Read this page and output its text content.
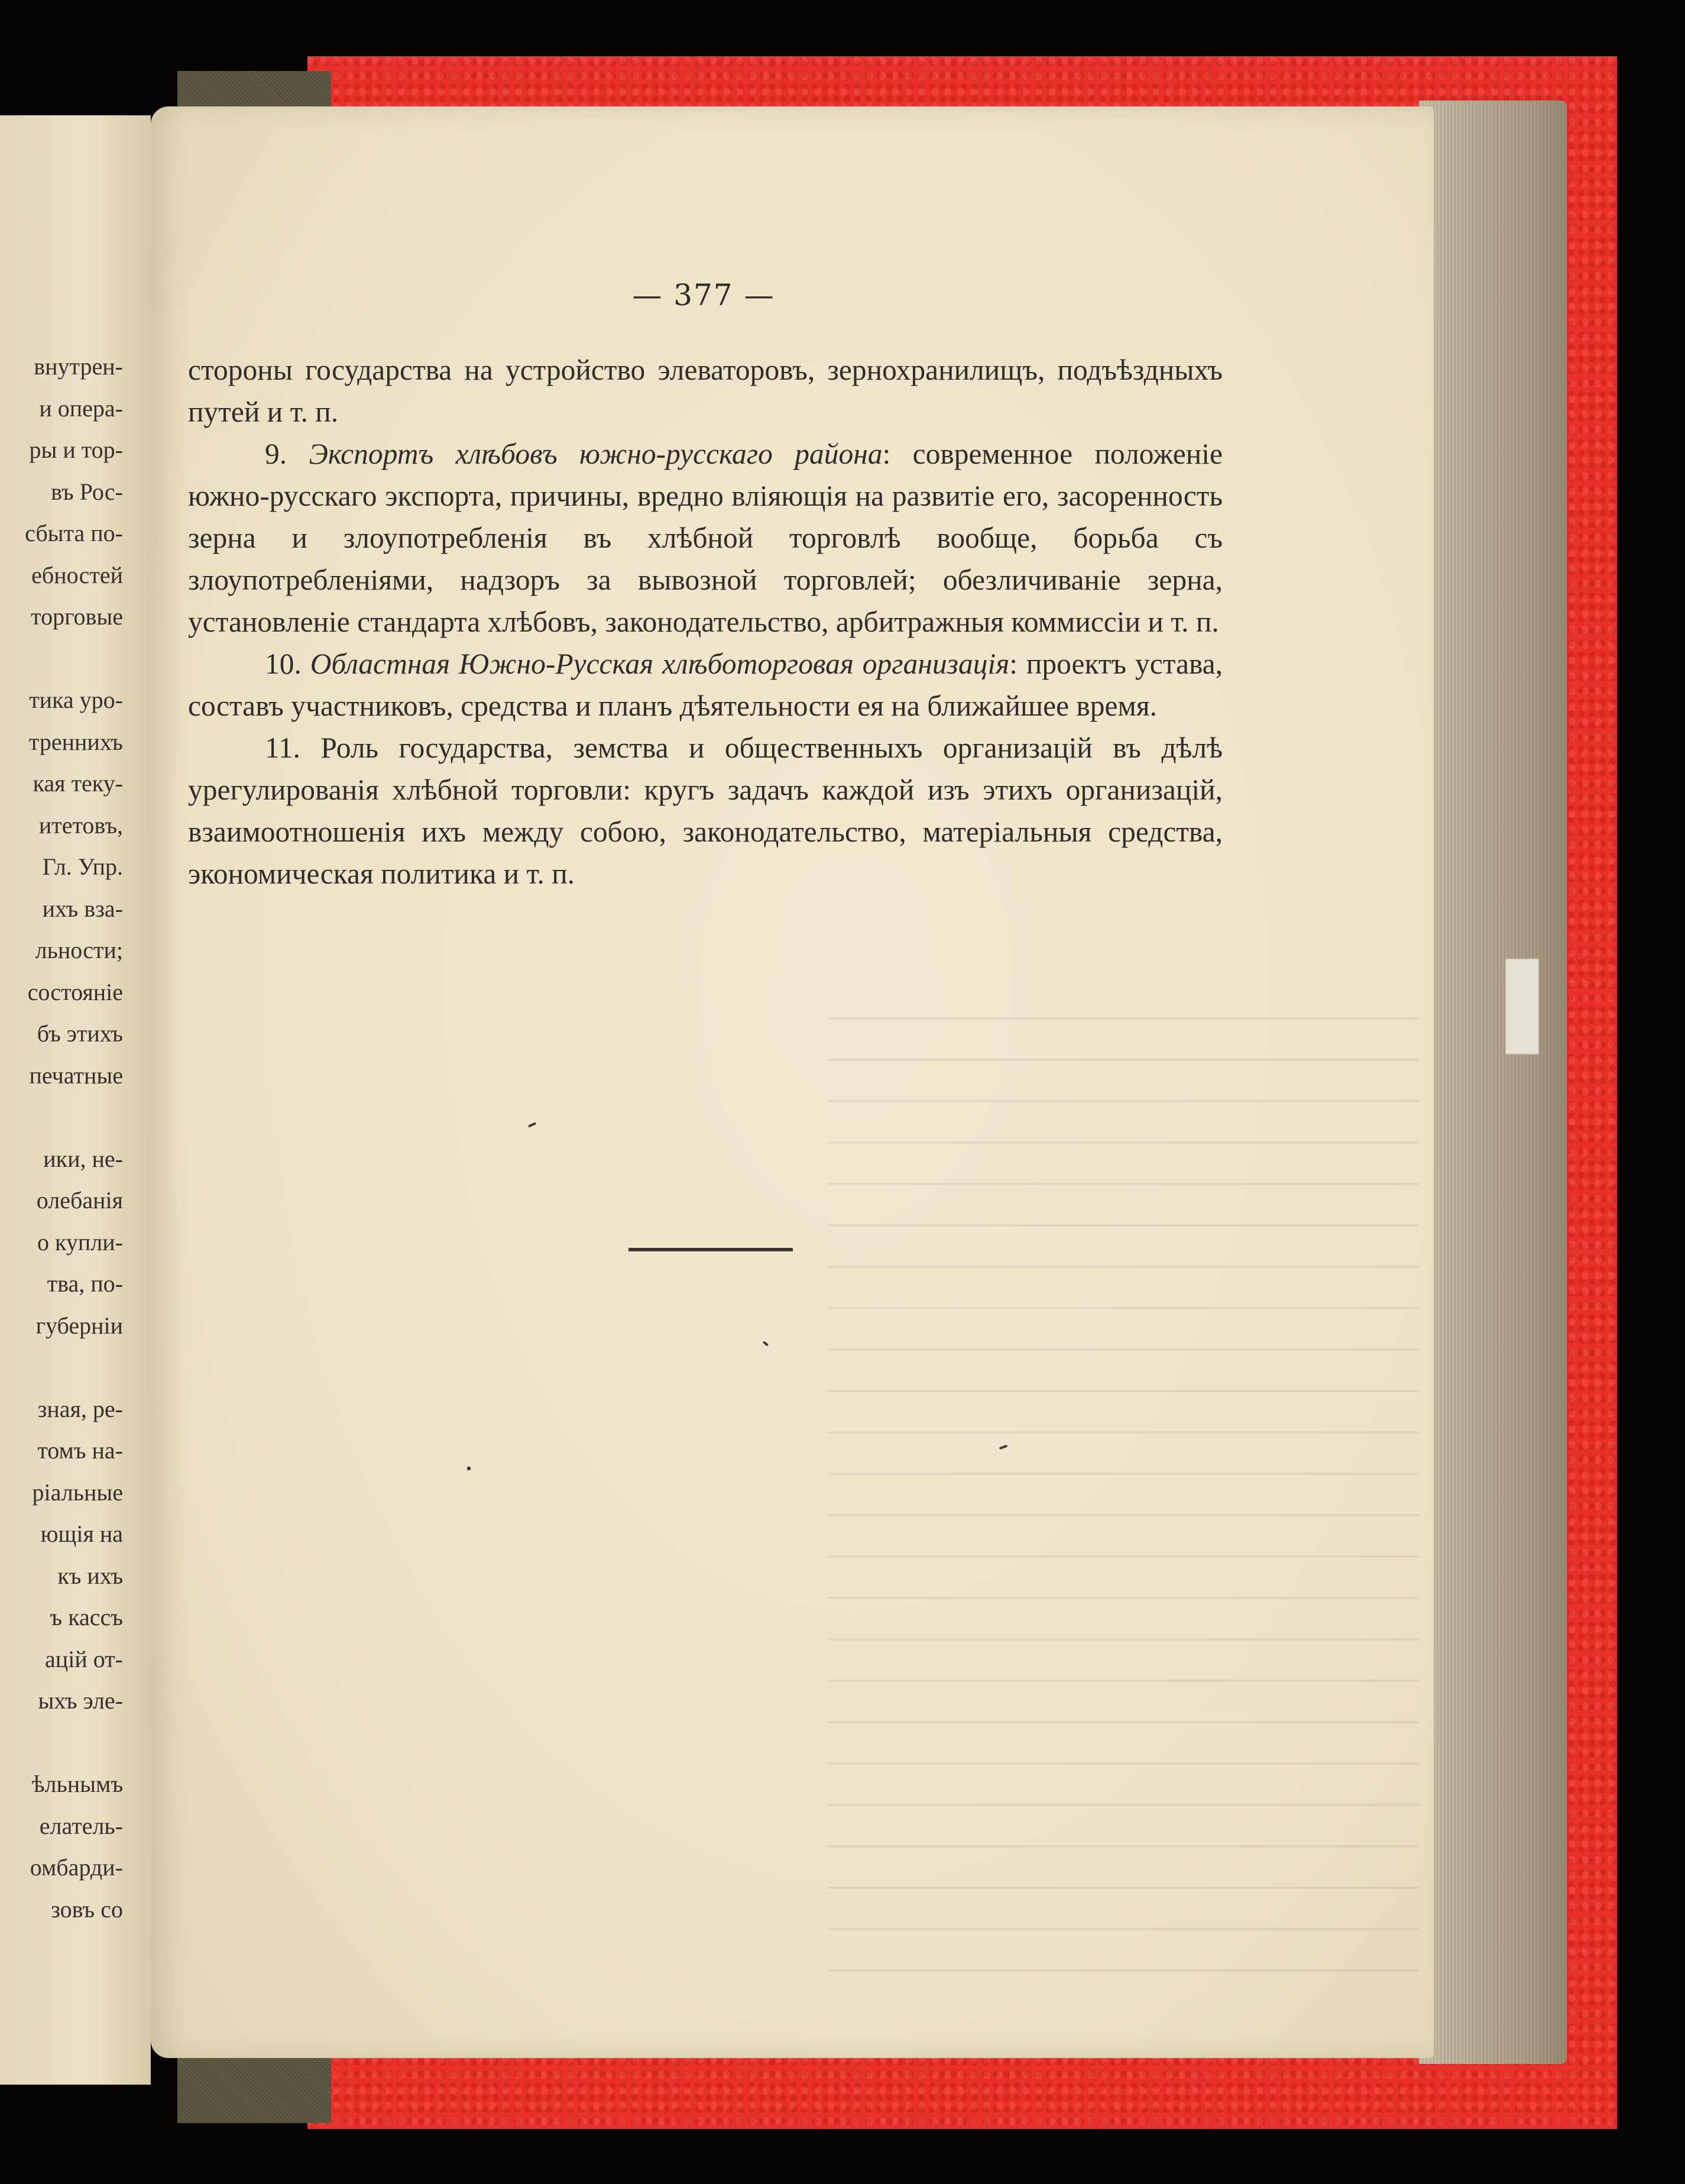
внутрен-
и опера-
ры и тор-
въ Рос-
сбыта по-
ебностей
торговые
тика уро-
треннихъ
кая теку-
итетовъ,
Гл. Упр.
ихъ вза-
льности;
состояніе
бъ этихъ
печатные
ики, не-
олебанія
о купли-
тва, по-
губерніи
зная, ре-
томъ на-
ріальные
ющія на
къ ихъ
ъ кассъ
ацій от-
ыхъ эле-
ѣльнымъ
елатель-
омбарди-
зовъ со
— 377 —

стороны государства на устройство элеваторовъ, зернохранилищъ, подъѣздныхъ путей и т. п.

9. Экспортъ хлѣбовъ южно-русскаго района: современное положеніе южно-русскаго экспорта, причины, вредно вліяющія на развитіе его, засоренность зерна и злоупотребленія въ хлѣбной торговлѣ вообще, борьба съ злоупотребленіями, надзоръ за вывозной торговлей; обезличиваніе зерна, установленіе стандарта хлѣбовъ, законодательство, арбитражныя коммиссіи и т. п.

10. Областная Южно-Русская хлѣботорговая организація: проектъ устава, составъ участниковъ, средства и планъ дѣятельности ея на ближайшее время.

11. Роль государства, земства и общественныхъ организацій въ дѣлѣ урегулированія хлѣбной торговли: кругъ задачъ каждой изъ этихъ организацій, взаимоотношенія ихъ между собою, законодательство, матеріальныя средства, экономическая политика и т. п.
